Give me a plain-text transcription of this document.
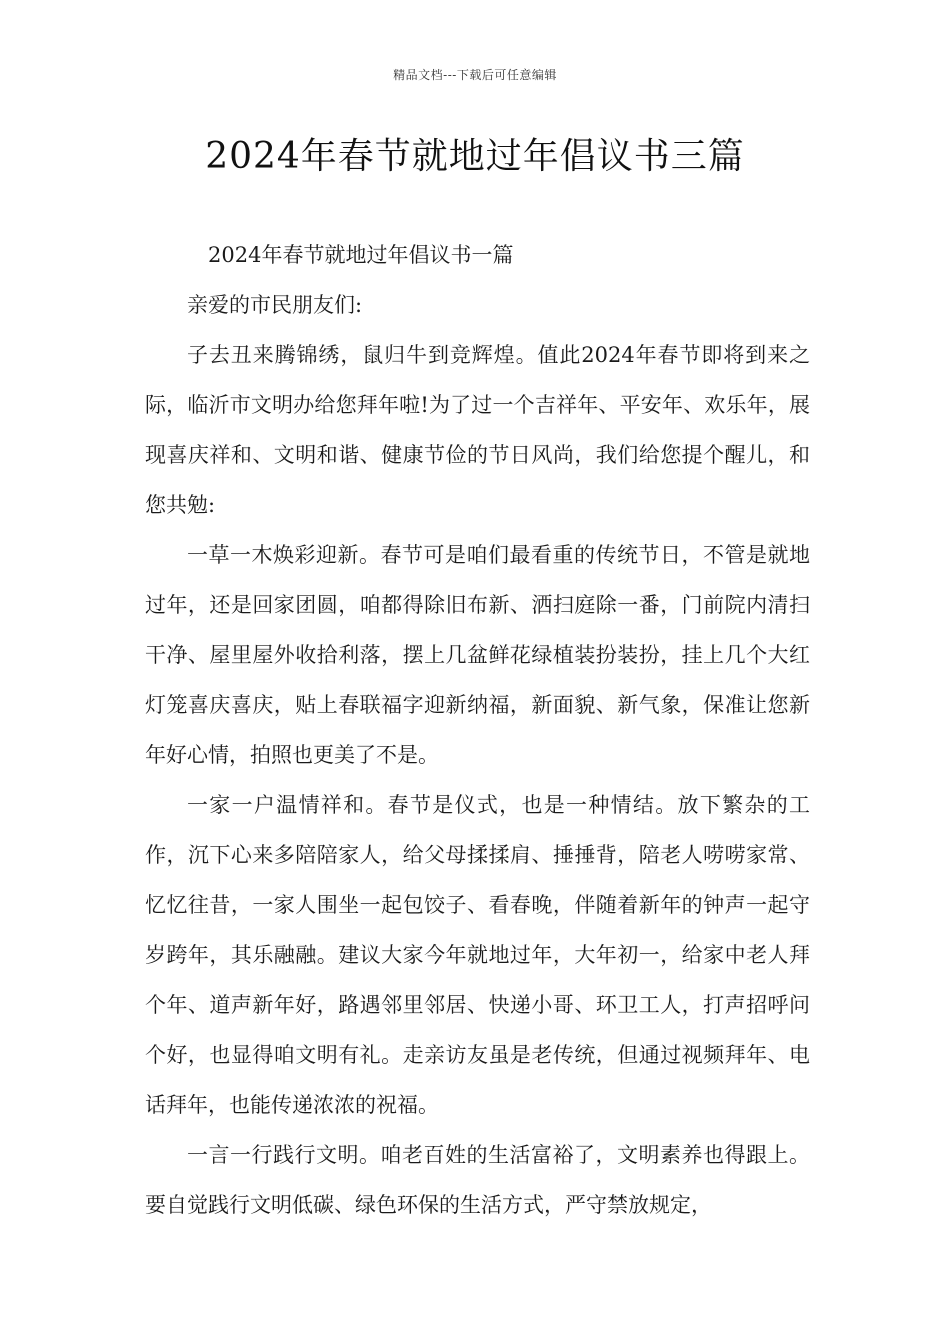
精品文档---下载后可任意编辑
2024年春节就地过年倡议书三篇

2024年春节就地过年倡议书一篇

亲爱的市民朋友们:

子去丑来腾锦绣，鼠归牛到竞辉煌。值此2024年春节即将到来之际，临沂市文明办给您拜年啦!为了过一个吉祥年、平安年、欢乐年，展现喜庆祥和、文明和谐、健康节俭的节日风尚，我们给您提个醒儿，和您共勉:

一草一木焕彩迎新。春节可是咱们最看重的传统节日，不管是就地过年，还是回家团圆，咱都得除旧布新、洒扫庭除一番，门前院内清扫干净、屋里屋外收拾利落，摆上几盆鲜花绿植装扮装扮，挂上几个大红灯笼喜庆喜庆，贴上春联福字迎新纳福，新面貌、新气象，保准让您新年好心情，拍照也更美了不是。

一家一户温情祥和。春节是仪式，也是一种情结。放下繁杂的工作，沉下心来多陪陪家人，给父母揉揉肩、捶捶背，陪老人唠唠家常、忆忆往昔，一家人围坐一起包饺子、看春晚，伴随着新年的钟声一起守岁跨年，其乐融融。建议大家今年就地过年，大年初一，给家中老人拜个年、道声新年好，路遇邻里邻居、快递小哥、环卫工人，打声招呼问个好，也显得咱文明有礼。走亲访友虽是老传统，但通过视频拜年、电话拜年，也能传递浓浓的祝福。

一言一行践行文明。咱老百姓的生活富裕了，文明素养也得跟上。要自觉践行文明低碳、绿色环保的生活方式，严守禁放规定，
